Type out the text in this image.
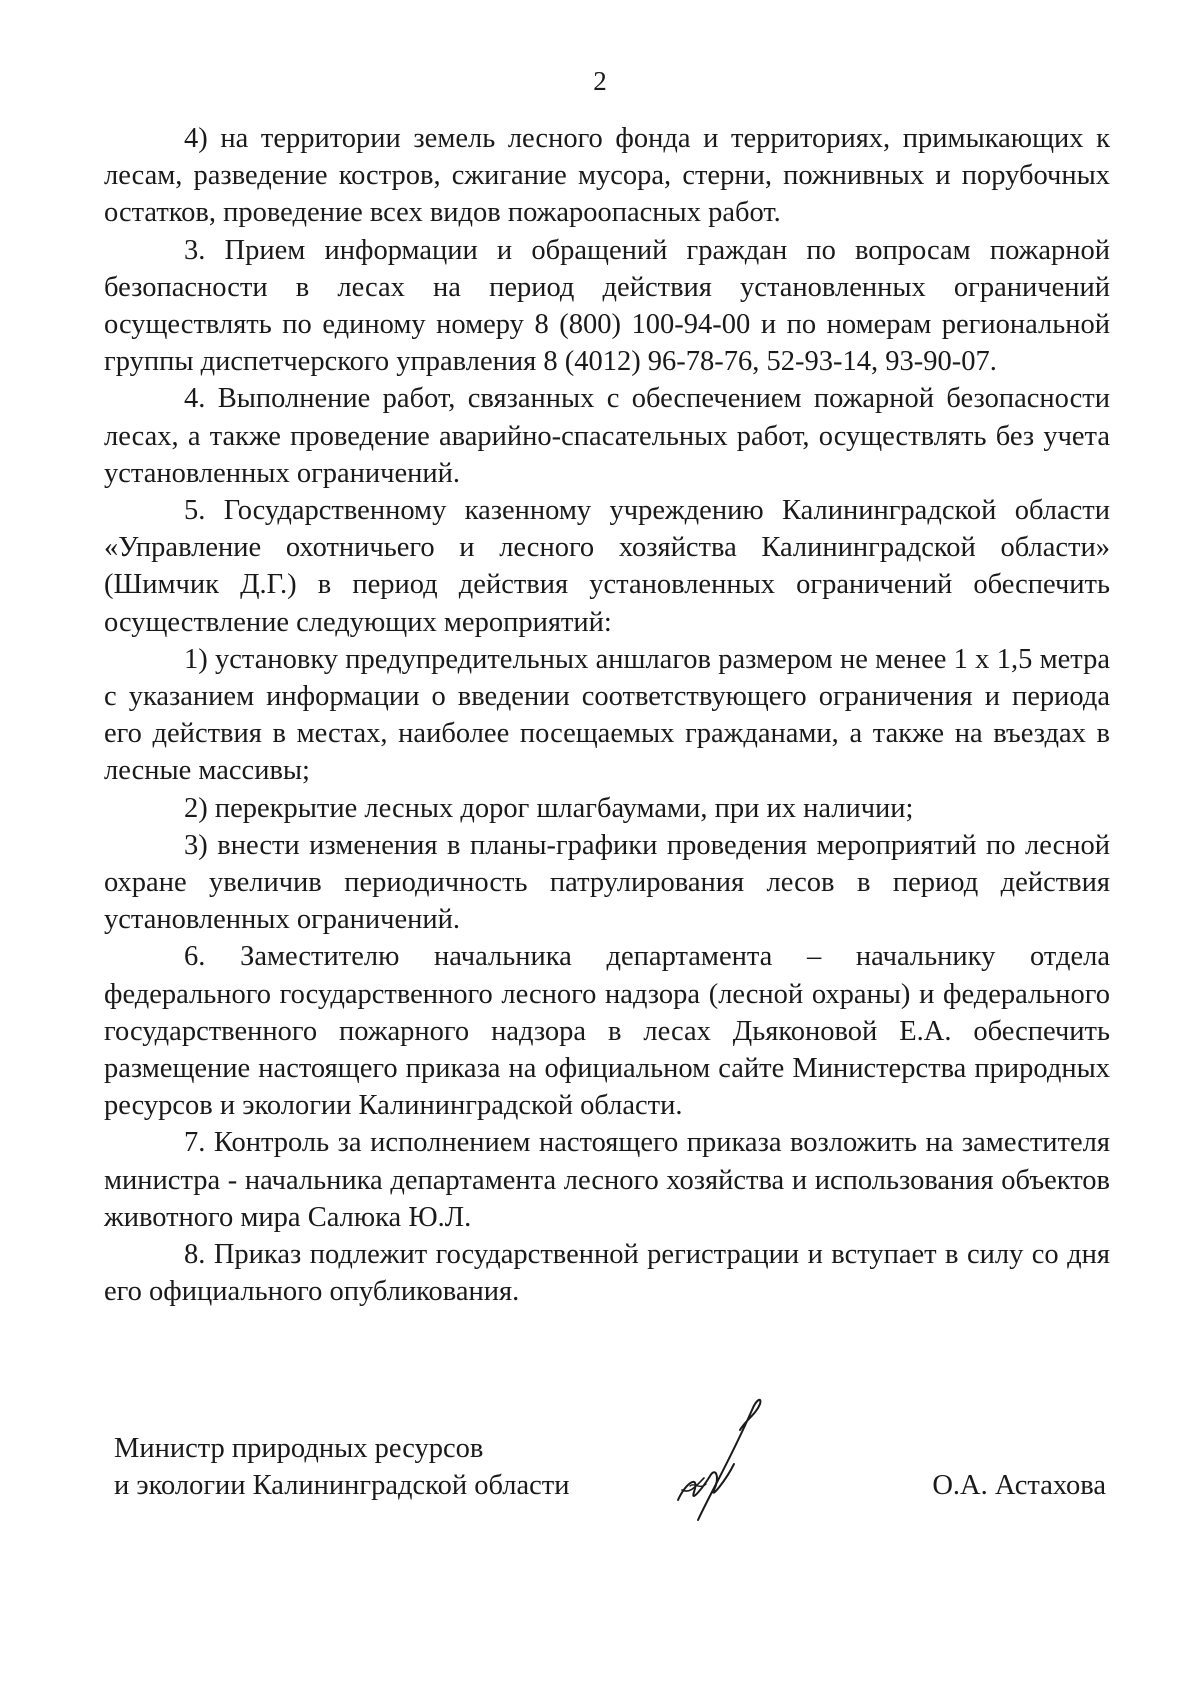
2

4) на территории земель лесного фонда и территориях, примыкающих к лесам, разведение костров, сжигание мусора, стерни, пожнивных и порубочных остатков, проведение всех видов пожароопасных работ.

3. Прием информации и обращений граждан по вопросам пожарной безопасности в лесах на период действия установленных ограничений осуществлять по единому номеру 8 (800) 100-94-00 и по номерам региональной группы диспетчерского управления 8 (4012) 96-78-76, 52-93-14, 93-90-07.

4. Выполнение работ, связанных с обеспечением пожарной безопасности лесах, а также проведение аварийно-спасательных работ, осуществлять без учета установленных ограничений.

5. Государственному казенному учреждению Калининградской области «Управление охотничьего и лесного хозяйства Калининградской области» (Шимчик Д.Г.) в период действия установленных ограничений обеспечить осуществление следующих мероприятий:

1) установку предупредительных аншлагов размером не менее 1 х 1,5 метра с указанием информации о введении соответствующего ограничения и периода его действия в местах, наиболее посещаемых гражданами, а также на въездах в лесные массивы;

2) перекрытие лесных дорог шлагбаумами, при их наличии;

3) внести изменения в планы-графики проведения мероприятий по лесной охране увеличив периодичность патрулирования лесов в период действия установленных ограничений.

6. Заместителю начальника департамента – начальнику отдела федерального государственного лесного надзора (лесной охраны) и федерального государственного пожарного надзора в лесах Дьяконовой Е.А. обеспечить размещение настоящего приказа на официальном сайте Министерства природных ресурсов и экологии Калининградской области.

7. Контроль за исполнением настоящего приказа возложить на заместителя министра - начальника департамента лесного хозяйства и использования объектов животного мира Салюка Ю.Л.

8. Приказ подлежит государственной регистрации и вступает в силу со дня его официального опубликования.

Министр природных ресурсов
и экологии Калининградской области	О.А. Астахова
